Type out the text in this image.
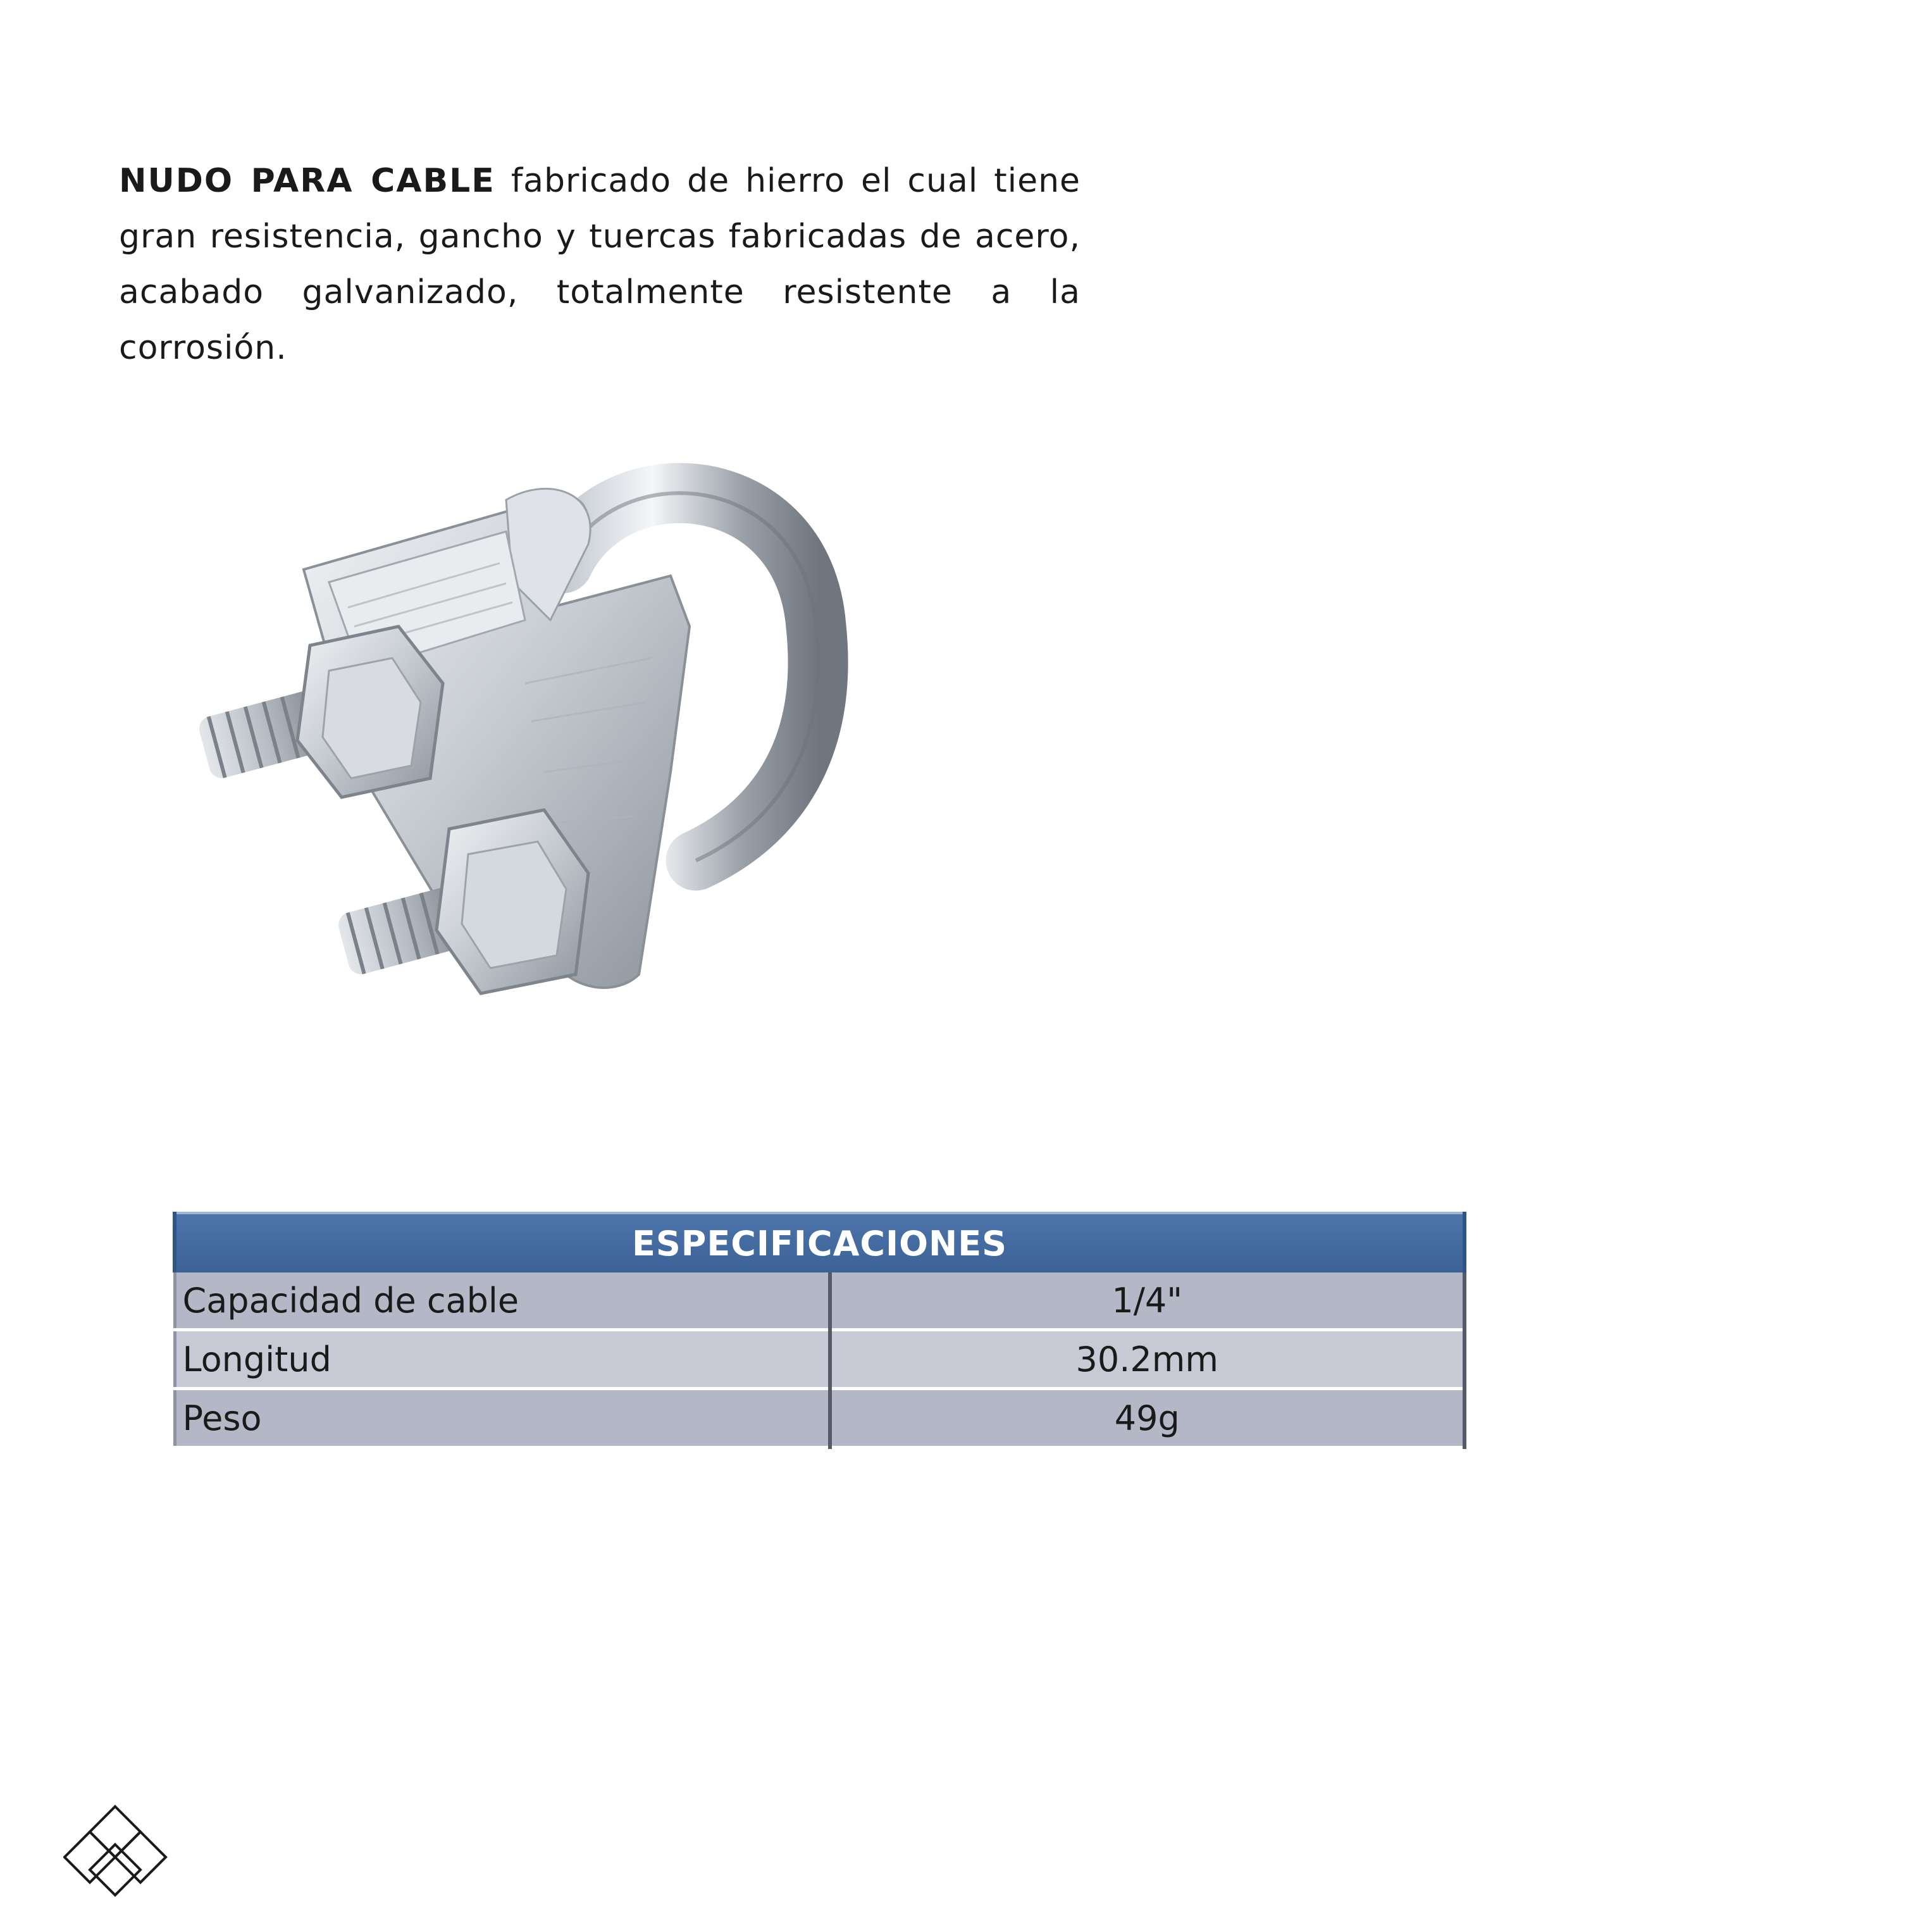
NUDO PARA CABLE fabricado de hierro el cual tiene gran resistencia, gancho y tuercas fabricadas de acero, acabado galvanizado, totalmente resistente a la corrosión.

ESPECIFICACIONES	
Capacidad de cable	1/4"
Longitud	30.2mm
Peso	49g
